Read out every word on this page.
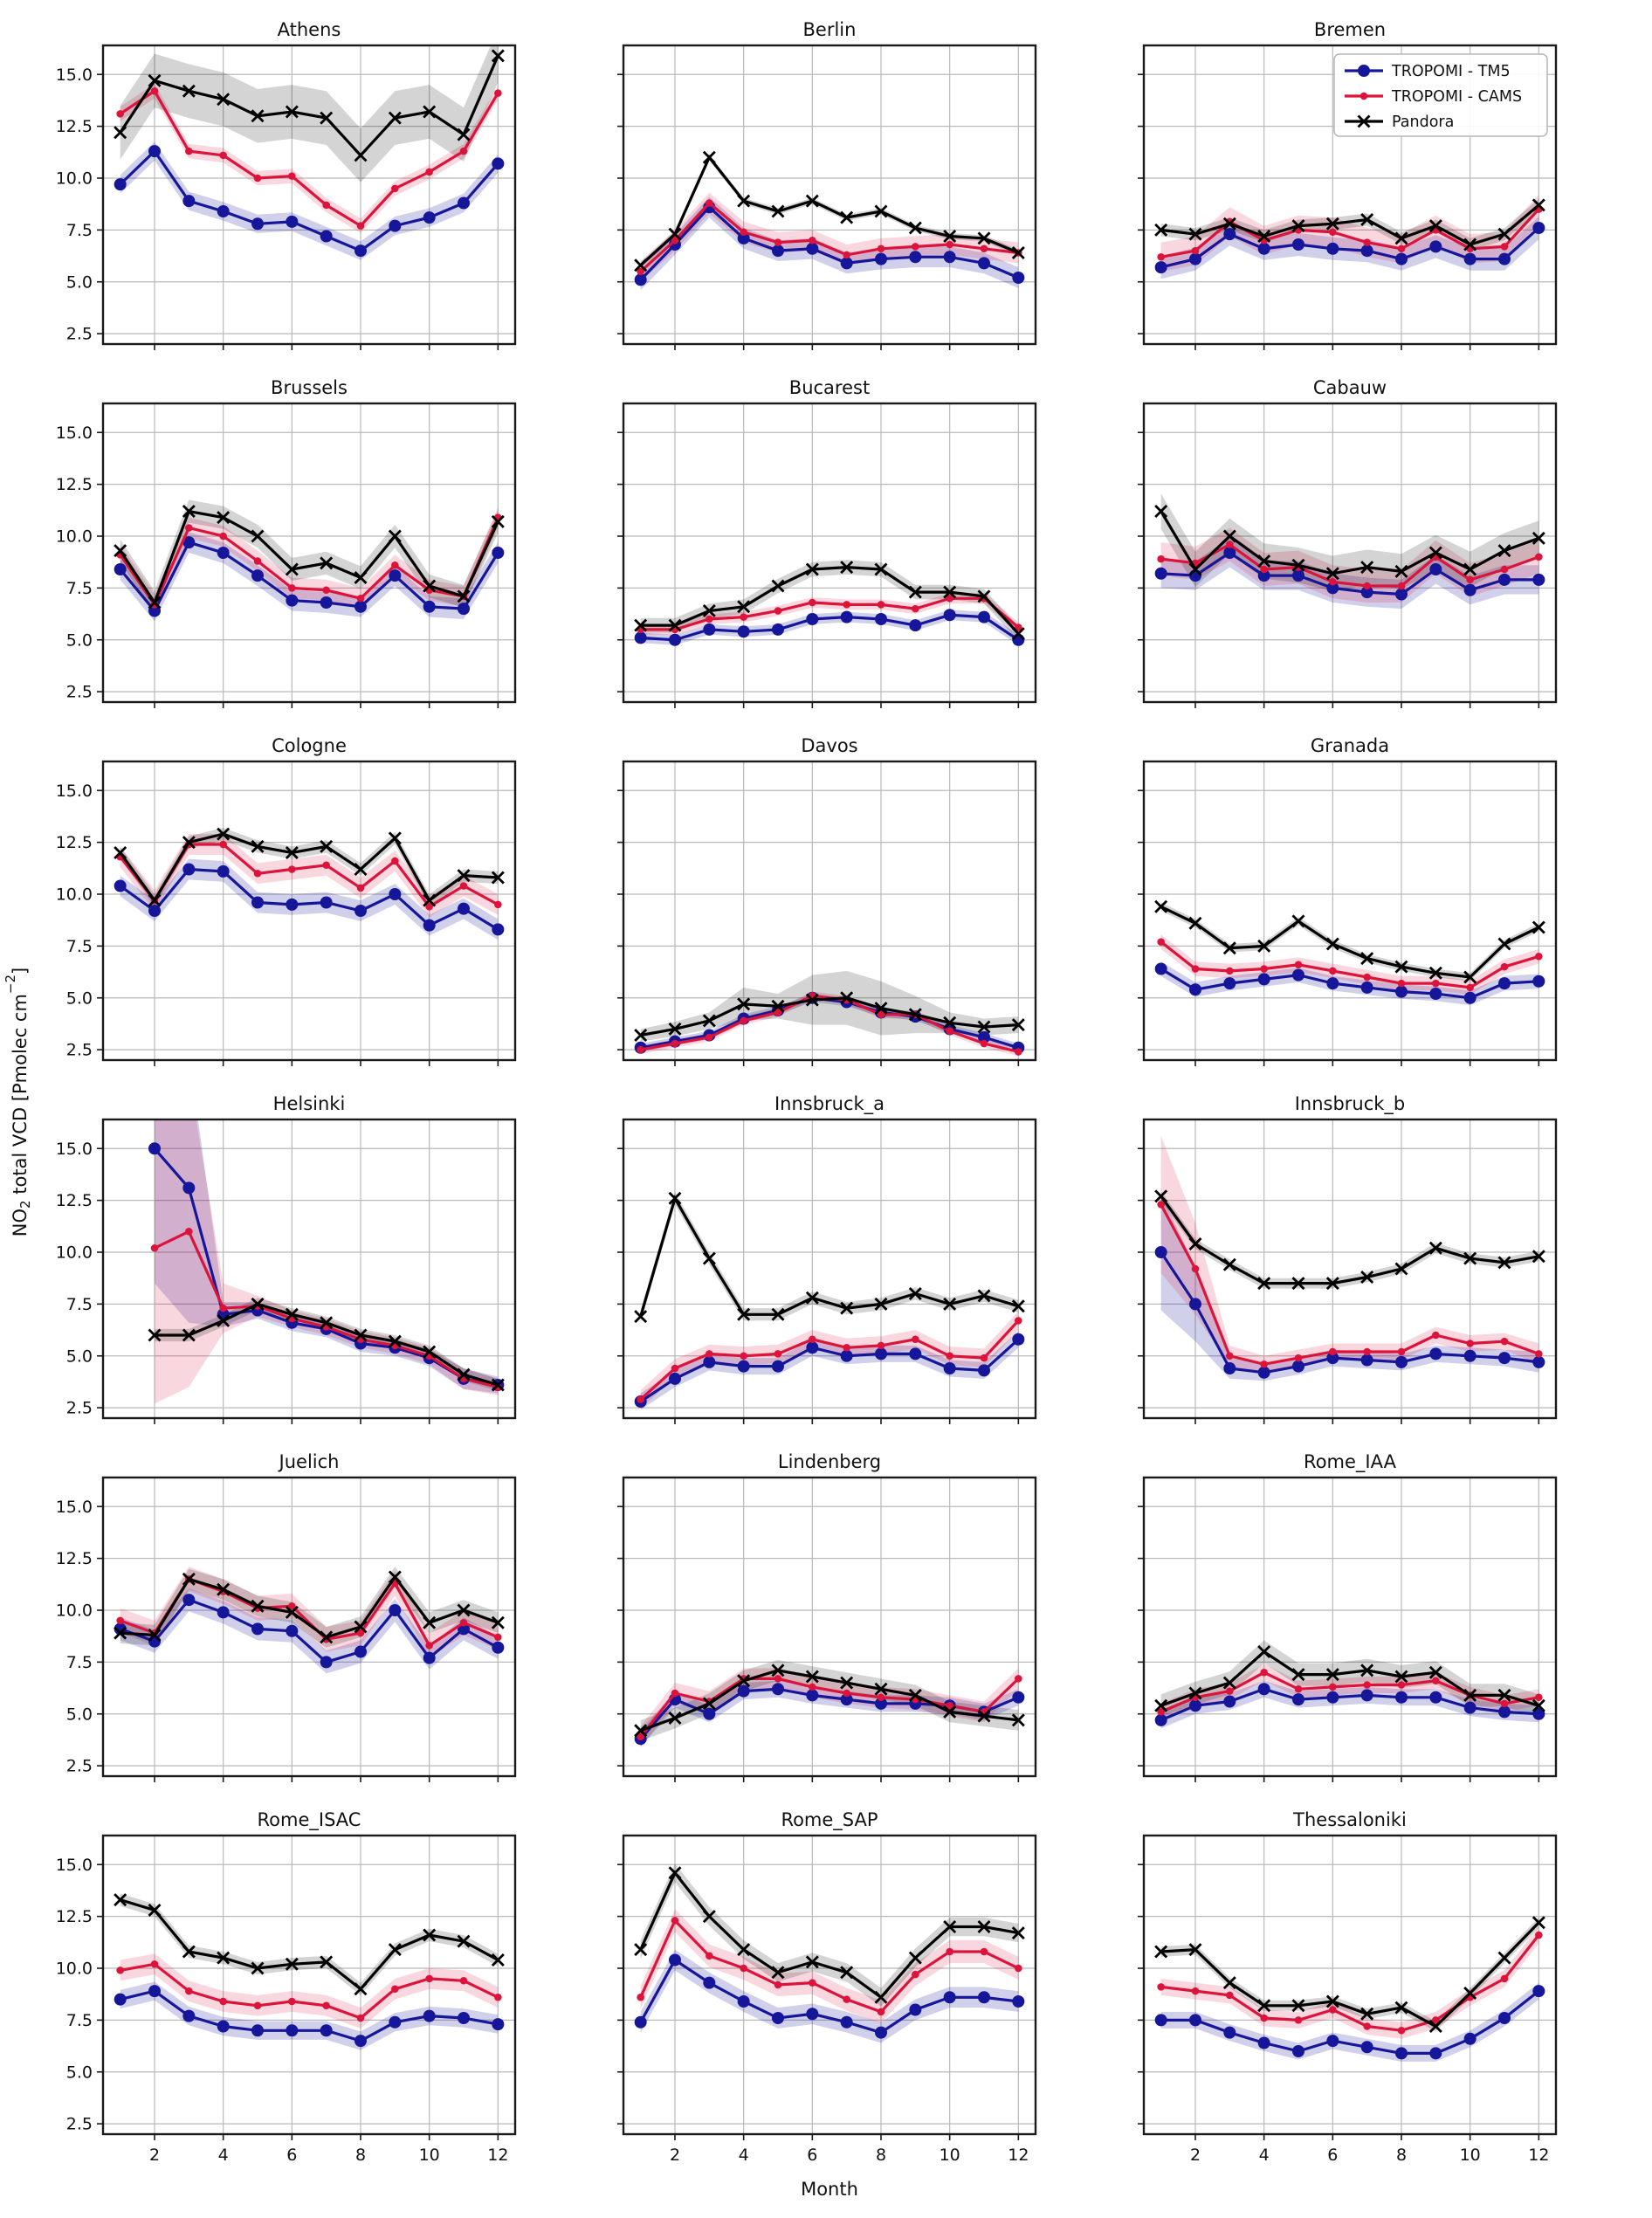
2.5
5.0
7.5
10.0
12.5
15.0
Athens	Berlin	Bremen
TROPOMI - TM5
TROPOMI - CAMS
Pandora
2.5
5.0
7.5
10.0
12.5
15.0
Brussels	Bucarest	Cabauw
2.5
5.0
7.5
10.0
12.5
15.0
Cologne	Davos	Granada
2.5
5.0
7.5
10.0
12.5
15.0
Helsinki	Innsbruck_a	Innsbruck_b
2.5
5.0
7.5
10.0
12.5
15.0
Juelich	Lindenberg	Rome_IAA
2.5
5.0
7.5
10.0
12.5
15.0
2	4	6	8	10	12
Rome_ISAC
2	4	6	8	10	12
Rome_SAP
2	4	6	8	10	12
Thessaloniki
Month
NO2 total VCD [Pmolec $cm^{-2}$]
